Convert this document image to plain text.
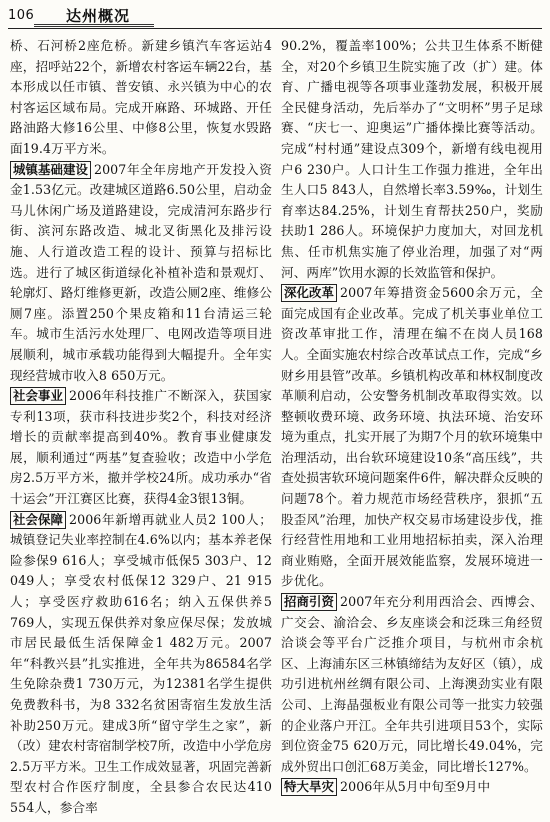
106 达州概况

桥、石河桥2座危桥。新建乡镇汽车客运站4座，招呼站22个，新增农村客运车辆22台，基本形成以任市镇、普安镇、永兴镇为中心的农村客运区域布局。完成开麻路、环城路、开任路油路大修16公里、中修8公里，恢复水毁路面19.4万平方米。

城镇基础建设 2007年全年房地产开发投入资金1.53亿元。改建城区道路6.50公里，启动金马儿休闲广场及道路建设，完成清河东路步行街、滨河东路改造、城北叉街黑化及排污设施、人行道改造工程的设计、预算与招标比选。进行了城区街道绿化补植补造和景观灯、轮廓灯、路灯维修更新，改造公厕2座、维修公厕7座。添置250个果皮箱和11台清运三轮车。城市生活污水处理厂、电网改造等项目进展顺利，城市承载功能得到大幅提升。全年实现经营城市收入8 650万元。

社会事业 2006年科技推广不断深入，获国家专利13项，获市科技进步奖2个，科技对经济增长的贡献率提高到40%。教育事业健康发展，顺利通过“两基”复查验收；改造中小学危房2.5万平方米，撤并学校24所。成功承办“省十运会”开江赛区比赛，获得4金3银13铜。

社会保障 2006年新增再就业人员2 100人；城镇登记失业率控制在4.6%以内；基本养老保险参保9 616人；享受城市低保5 303户、12 049人；享受农村低保12 329户、21 915人；享受医疗救助616名；纳入五保供养5 769人，实现五保供养对象应保尽保；发放城市居民最低生活保障金1 482万元。2007年“科教兴县”扎实推进，全年共为86584名学生免除杂费1 730万元，为12381名学生提供免费教科书，为8 332名贫困寄宿生发放生活补助250万元。建成3所“留守学生之家”，新（改）建农村寄宿制学校7所，改造中小学危房2.5万平方米。卫生工作成效显著，巩固完善新型农村合作医疗制度，全县参合农民达410 554人，参合率

90.2%，覆盖率100%；公共卫生体系不断健全，对20个乡镇卫生院实施了改（扩）建。体育、广播电视等各项事业蓬勃发展，积极开展全民健身活动，先后举办了“文明杯”男子足球赛、“庆七一、迎奥运”广播体操比赛等活动。完成“村村通”建设点309个，新增有线电视用户6 230户。人口计生工作强力推进，全年出生人口5 843人，自然增长率3.59‰，计划生育率达84.25%，计划生育帮扶250户，奖励扶助1 286人。环境保护力度加大，对回龙机焦、任市机焦实施了停业治理，加强了对“两河、两库”饮用水源的长效监管和保护。

深化改革 2007年筹措资金5600余万元，全面完成国有企业改革。完成了机关事业单位工资改革审批工作，清理在编不在岗人员168人。全面实施农村综合改革试点工作，完成“乡财乡用县管”改革。乡镇机构改革和林权制度改革顺利启动，公安警务机制改革取得实效。以整顿收费环境、政务环境、执法环境、治安环境为重点，扎实开展了为期7个月的软环境集中治理活动，出台软环境建设10条“高压线”，共查处损害软环境问题案件6件，解决群众反映的问题78个。着力规范市场经营秩序，狠抓“五股歪风”治理，加快产权交易市场建设步伐，推行经营性用地和工业用地招标拍卖，深入治理商业贿赂，全面开展效能监察，发展环境进一步优化。

招商引资 2007年充分利用西洽会、西博会、广交会、渝洽会、乡友座谈会和泛珠三角经贸洽谈会等平台广泛推介项目，与杭州市余杭区、上海浦东区三林镇缔结为友好区（镇），成功引进杭州丝绸有限公司、上海澳劲实业有限公司、上海晶强板业有限公司等一批实力较强的企业落户开江。全年共引进项目53个，实际到位资金75 620万元，同比增长49.04%，完成外贸出口创汇68万美金，同比增长127%。

特大旱灾 2006年从5月中旬至9月中
